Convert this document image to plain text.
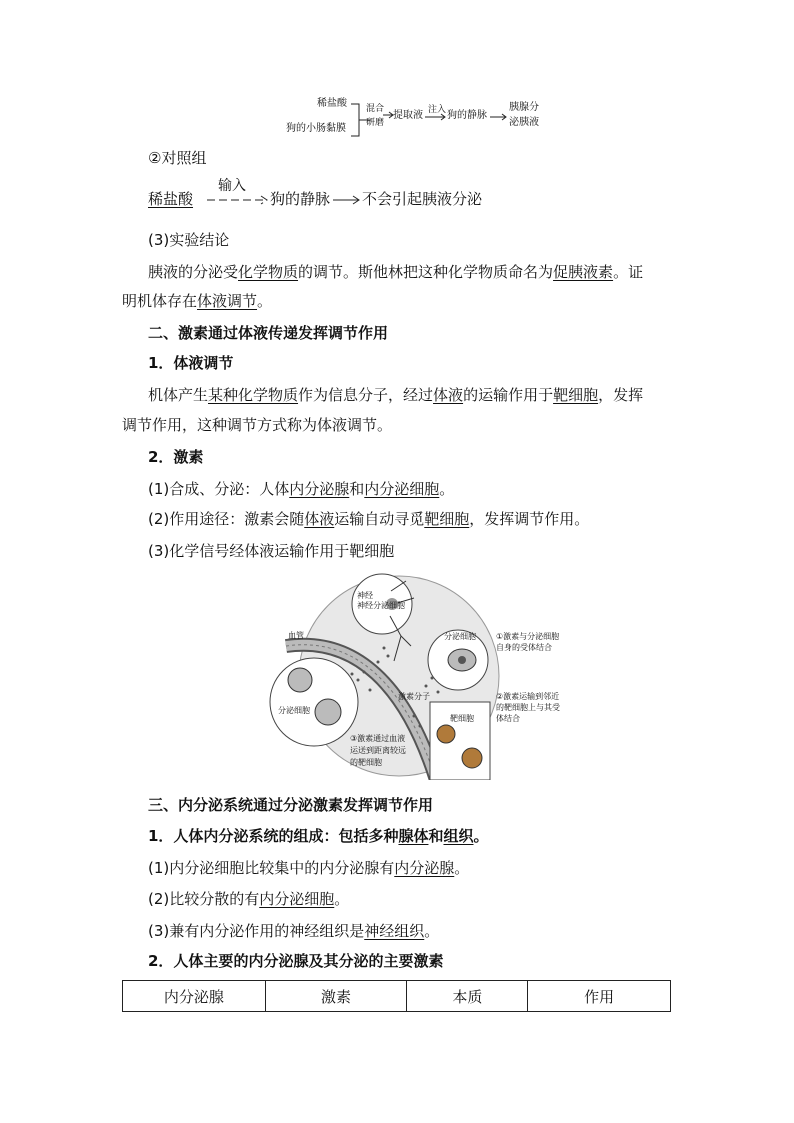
稀盐酸
狗的小肠黏膜
混合
研磨
提取液 注入 狗的静脉
胰腺分
泌胰液
②对照组
稀盐酸
输入
狗的静脉 不会引起胰液分泌
(3)实验结论
胰液的分泌受化学物质的调节。斯他林把这种化学物质命名为促胰液素。证
明机体存在体液调节。
二、激素通过体液传递发挥调节作用
1．体液调节
机体产生某种化学物质作为信息分子，经过体液的运输作用于靶细胞，发挥
调节作用，这种调节方式称为体液调节。
2．激素
(1)合成、分泌：人体内分泌腺和内分泌细胞。
(2)作用途径：激素会随体液运输自动寻觅靶细胞，发挥调节作用。
(3)化学信号经体液运输作用于靶细胞
神经
神经分泌细胞
血管	分泌细胞	①激素与分泌细胞
自身的受体结合
激素分子	②激素运输到邻近
的靶细胞上与其受
体结合
靶细胞
分泌细胞
③激素通过血液
运送到距离较远
的靶细胞
三、内分泌系统通过分泌激素发挥调节作用
1．人体内分泌系统的组成：包括多种腺体和组织。
(1)内分泌细胞比较集中的内分泌腺有内分泌腺。
(2)比较分散的有内分泌细胞。
(3)兼有内分泌作用的神经组织是神经组织。
2．人体主要的内分泌腺及其分泌的主要激素
内分泌腺	激素	本质	作用
